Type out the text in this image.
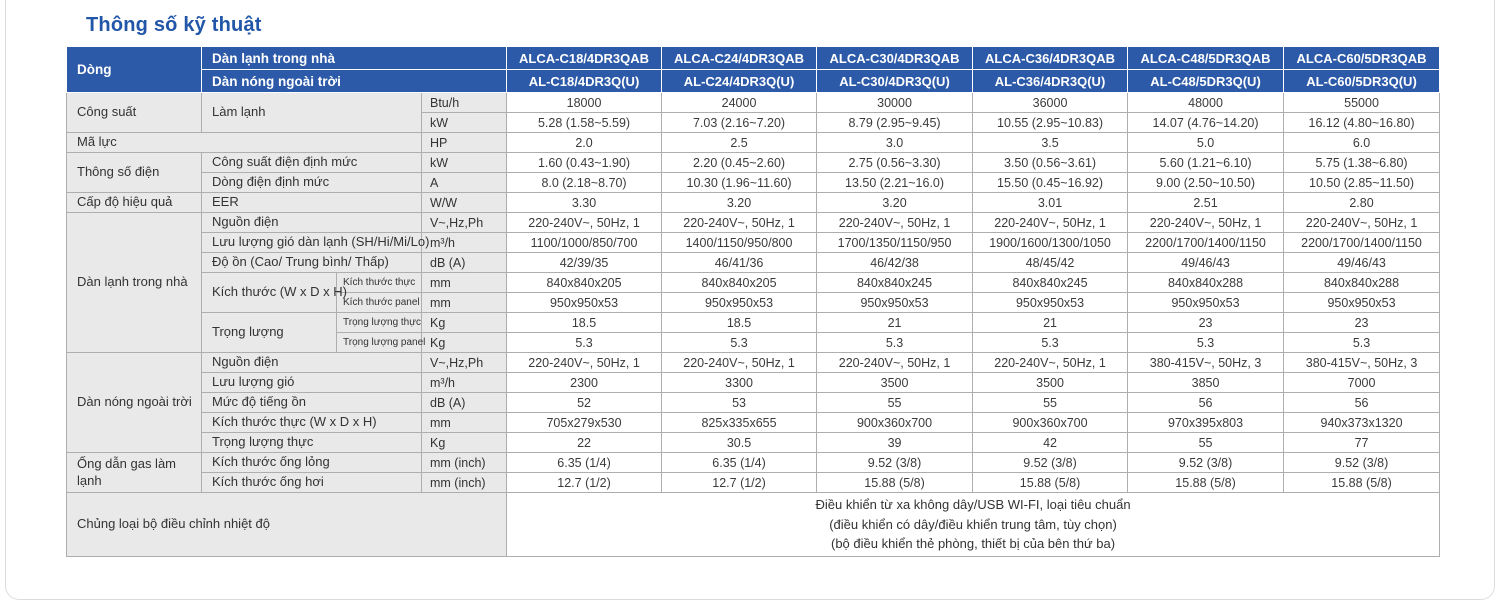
Thông số kỹ thuật
Dòng	Dàn lạnh trong nhà			ALCA-C18/4DR3QAB	ALCA-C24/4DR3QAB	ALCA-C30/4DR3QAB	ALCA-C36/4DR3QAB	ALCA-C48/5DR3QAB	ALCA-C60/5DR3QAB
	Dàn nóng ngoài trời			AL-C18/4DR3Q(U)	AL-C24/4DR3Q(U)	AL-C30/4DR3Q(U)	AL-C36/4DR3Q(U)	AL-C48/5DR3Q(U)	AL-C60/5DR3Q(U)
Công suất	Làm lạnh		Btu/h	18000	24000	30000	36000	48000	55000
			kW	5.28 (1.58~5.59)	7.03 (2.16~7.20)	8.79 (2.95~9.45)	10.55 (2.95~10.83)	14.07 (4.76~14.20)	16.12 (4.80~16.80)
Mã lực			HP	2.0	2.5	3.0	3.5	5.0	6.0
Thông số điện	Công suất điện định mức		kW	1.60 (0.43~1.90)	2.20 (0.45~2.60)	2.75 (0.56~3.30)	3.50 (0.56~3.61)	5.60 (1.21~6.10)	5.75 (1.38~6.80)
	Dòng điện định mức		A	8.0 (2.18~8.70)	10.30 (1.96~11.60)	13.50 (2.21~16.0)	15.50 (0.45~16.92)	9.00 (2.50~10.50)	10.50 (2.85~11.50)
Cấp độ hiệu quả	EER		W/W	3.30	3.20	3.20	3.01	2.51	2.80
Dàn lạnh trong nhà	Nguồn điện		V~,Hz,Ph	220-240V~, 50Hz, 1	220-240V~, 50Hz, 1	220-240V~, 50Hz, 1	220-240V~, 50Hz, 1	220-240V~, 50Hz, 1	220-240V~, 50Hz, 1
	Lưu lượng gió dàn lạnh (SH/Hi/Mi/Lo)		m³/h	1100/1000/850/700	1400/1150/950/800	1700/1350/1150/950	1900/1600/1300/1050	2200/1700/1400/1150	2200/1700/1400/1150
	Độ ồn (Cao/ Trung bình/ Thấp)		dB (A)	42/39/35	46/41/36	46/42/38	48/45/42	49/46/43	49/46/43
	Kích thước (W x D x H)	Kích thước thực	mm	840x840x205	840x840x205	840x840x245	840x840x245	840x840x288	840x840x288
		Kích thước panel	mm	950x950x53	950x950x53	950x950x53	950x950x53	950x950x53	950x950x53
	Trọng lượng	Trọng lượng thực	Kg	18.5	18.5	21	21	23	23
		Trọng lượng panel	Kg	5.3	5.3	5.3	5.3	5.3	5.3
Dàn nóng ngoài trời	Nguồn điện		V~,Hz,Ph	220-240V~, 50Hz, 1	220-240V~, 50Hz, 1	220-240V~, 50Hz, 1	220-240V~, 50Hz, 1	380-415V~, 50Hz, 3	380-415V~, 50Hz, 3
	Lưu lượng gió		m³/h	2300	3300	3500	3500	3850	7000
	Mức độ tiếng ồn		dB (A)	52	53	55	55	56	56
	Kích thước thực (W x D x H)		mm	705x279x530	825x335x655	900x360x700	900x360x700	970x395x803	940x373x1320
	Trọng lượng thực		Kg	22	30.5	39	42	55	77
Ống dẫn gas làm lạnh	Kích thước ống lỏng		mm (inch)	6.35 (1/4)	6.35 (1/4)	9.52 (3/8)	9.52 (3/8)	9.52 (3/8)	9.52 (3/8)
	Kích thước ống hơi		mm (inch)	12.7 (1/2)	12.7 (1/2)	15.88 (5/8)	15.88 (5/8)	15.88 (5/8)	15.88 (5/8)
Chủng loại bộ điều chỉnh nhiệt độ				Điều khiển từ xa không dây/USB WI-FI, loại tiêu chuẩn
(điều khiển có dây/điều khiển trung tâm, tùy chọn)
(bộ điều khiển thẻ phòng, thiết bị của bên thứ ba)					
